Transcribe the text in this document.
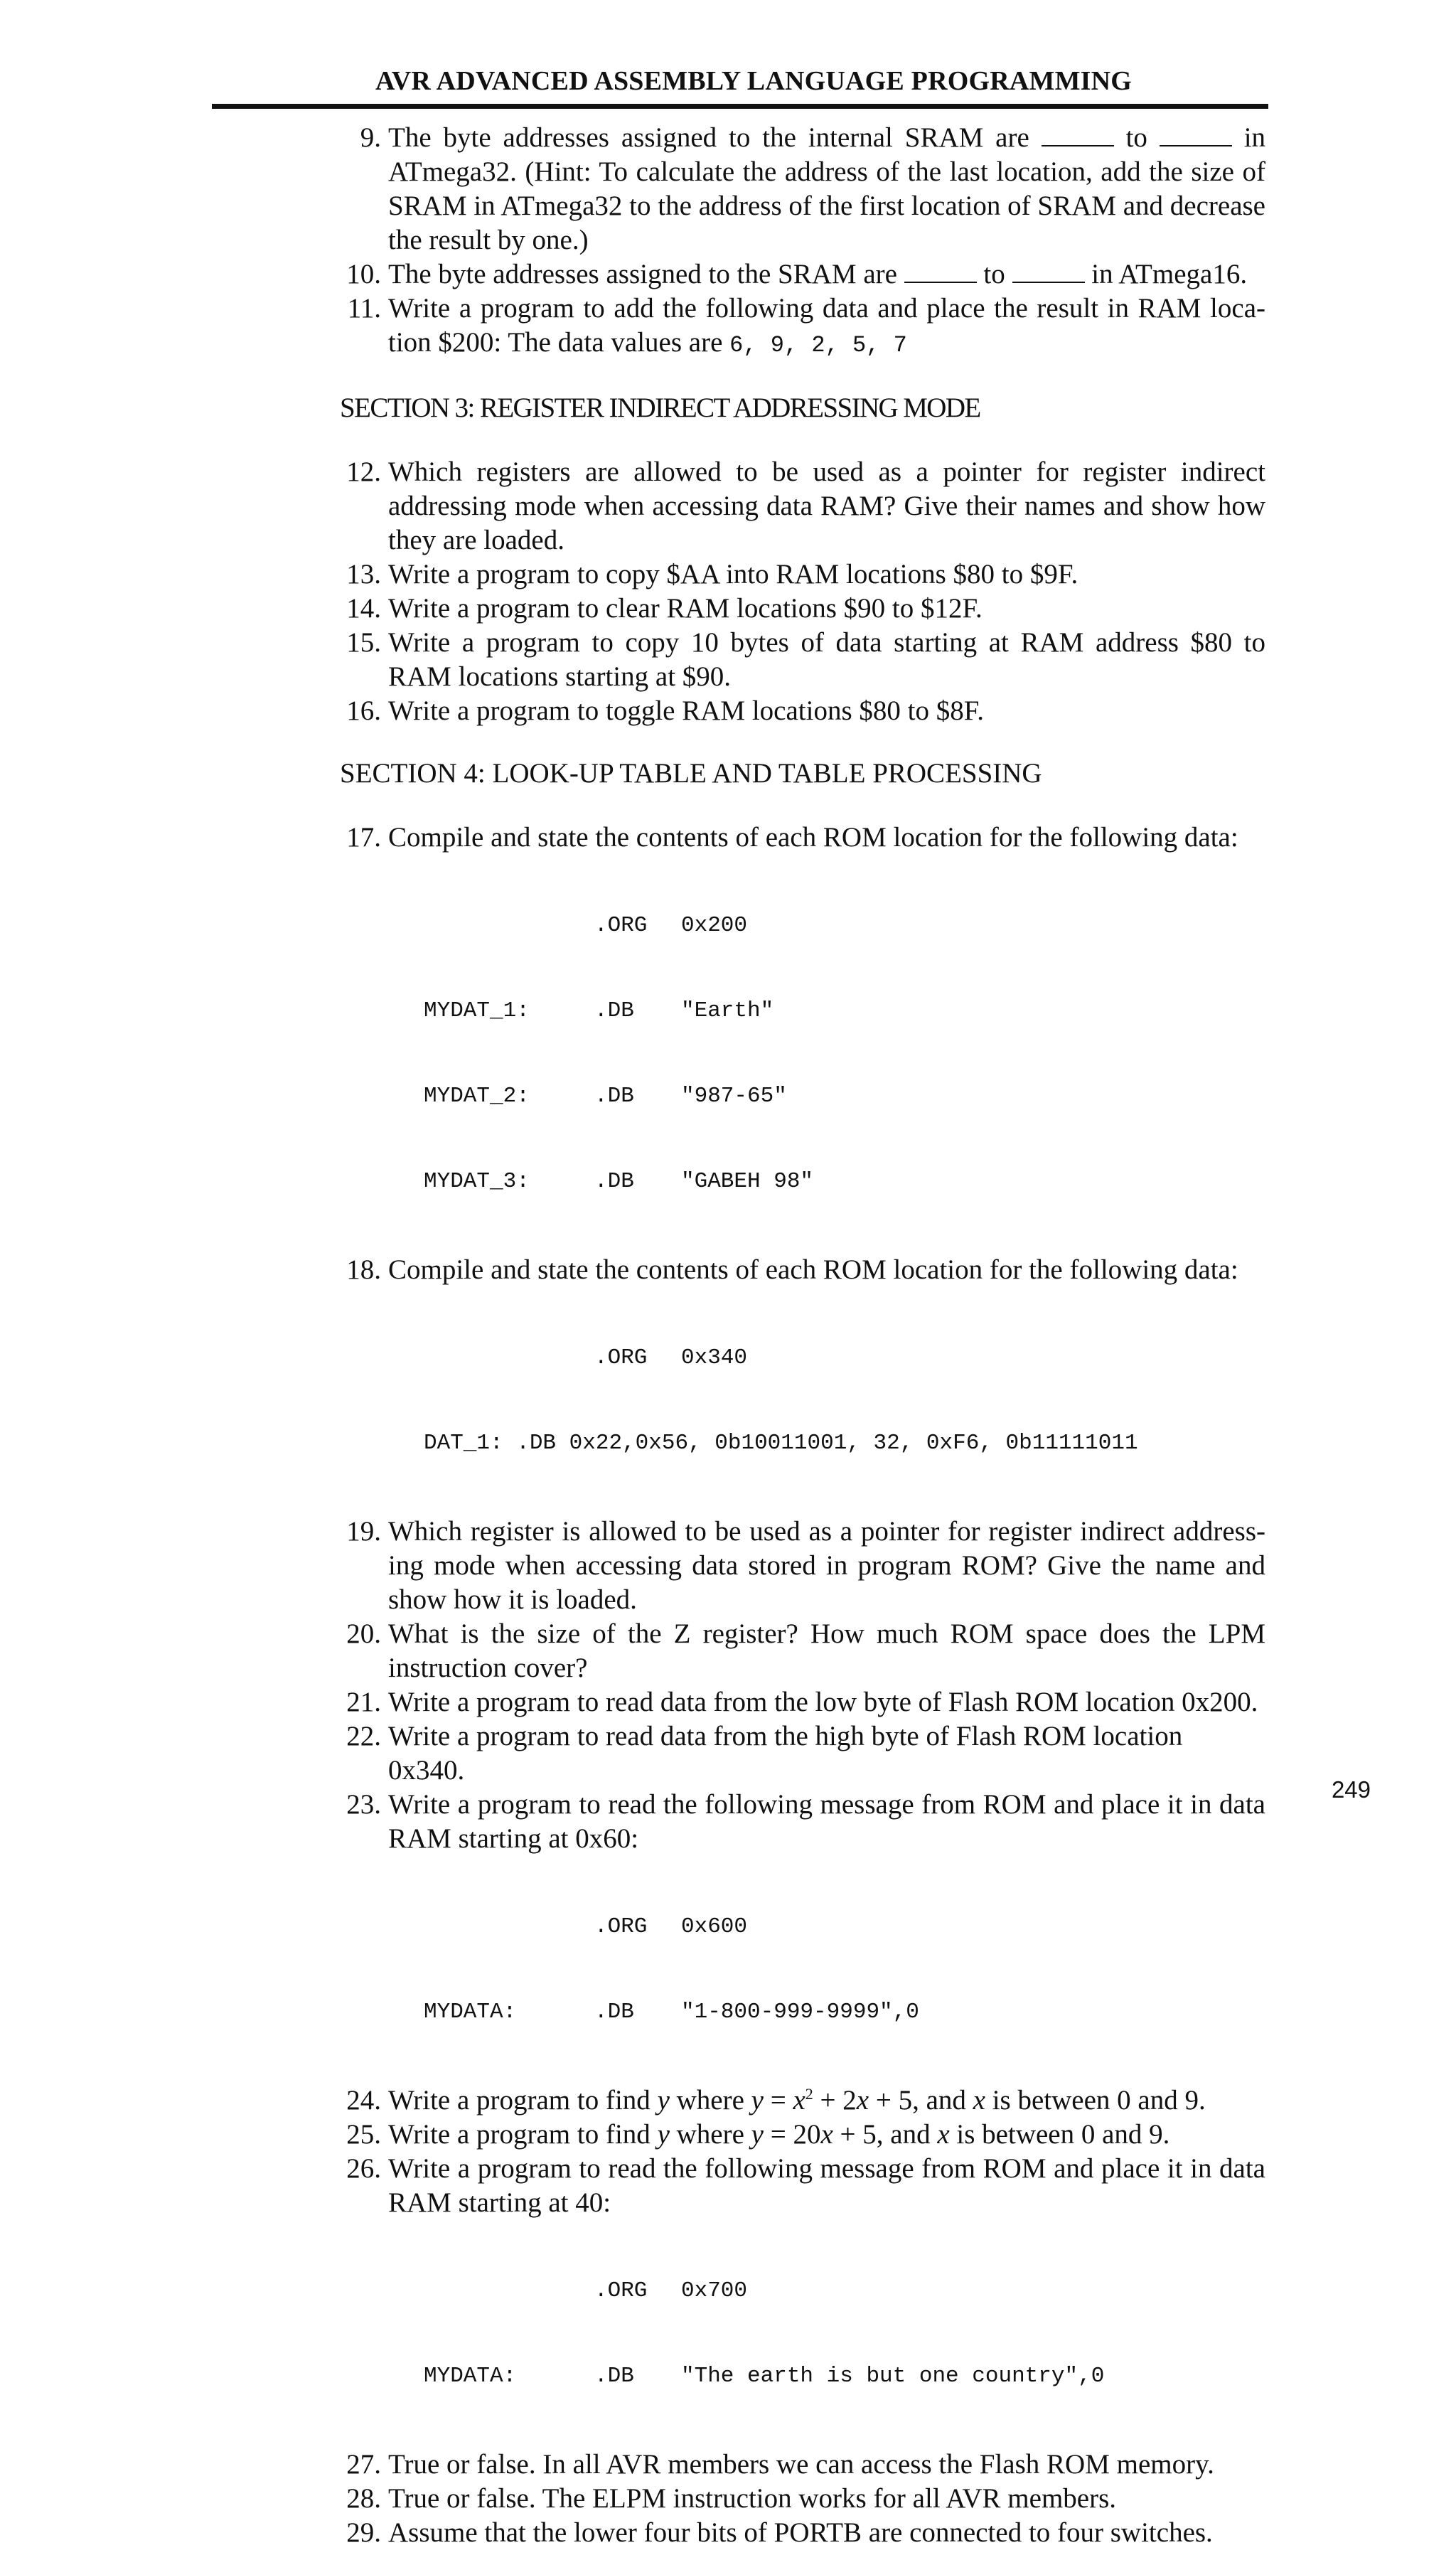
AVR ADVANCED ASSEMBLY LANGUAGE PROGRAMMING
9. The byte addresses assigned to the internal SRAM are	to	in ATmega32. (Hint: To calculate the address of the last location, add the size of SRAM in ATmega32 to the address of the first location of SRAM and decrease the result by one.)
10. The byte addresses assigned to the SRAM are	to	in ATmega16.
11. Write a program to add the following data and place the result in RAM loca-tion $200: The data values are 6, 9, 2, 5, 7
SECTION 3: REGISTER INDIRECT ADDRESSING MODE
12. Which registers are allowed to be used as a pointer for register indirect addressing mode when accessing data RAM? Give their names and show how they are loaded.
13. Write a program to copy $AA into RAM locations $80 to $9F.
14. Write a program to clear RAM locations $90 to $12F.
15. Write a program to copy 10 bytes of data starting at RAM address $80 to RAM locations starting at $90.
16. Write a program to toggle RAM locations $80 to $8F.
SECTION 4: LOOK-UP TABLE AND TABLE PROCESSING
17. Compile and state the contents of each ROM location for the following data:

.ORG	0x200

MYDAT_1:	.DB	"Earth"

MYDAT_2:	.DB	"987-65"

MYDAT_3:	.DB	"GABEH 98"

18. Compile and state the contents of each ROM location for the following data:

.ORG	0x340

DAT_1: .DB 0x22,0x56, 0b10011001, 32, 0xF6, 0b11111011

19. Which register is allowed to be used as a pointer for register indirect address-ing mode when accessing data stored in program ROM? Give the name and show how it is loaded.
20. What is the size of the Z register? How much ROM space does the LPM instruction cover?
21. Write a program to read data from the low byte of Flash ROM location 0x200.
22. Write a program to read data from the high byte of Flash ROM location 0x340.
23. Write a program to read the following message from ROM and place it in data RAM starting at 0x60:

.ORG	0x600

MYDATA:	.DB	"1-800-999-9999",0

24. Write a program to find y where $y = x^2 + 2x + 5$, and x is between 0 and 9.
25. Write a program to find y where y = 20x + 5, and x is between 0 and 9.
26. Write a program to read the following message from ROM and place it in data RAM starting at 40:

.ORG	0x700

MYDATA:	.DB	"The earth is but one country",0

27. True or false. In all AVR members we can access the Flash ROM memory.
28. True or false. The ELPM instruction works for all AVR members.
29. Assume that the lower four bits of PORTB are connected to four switches.
249
